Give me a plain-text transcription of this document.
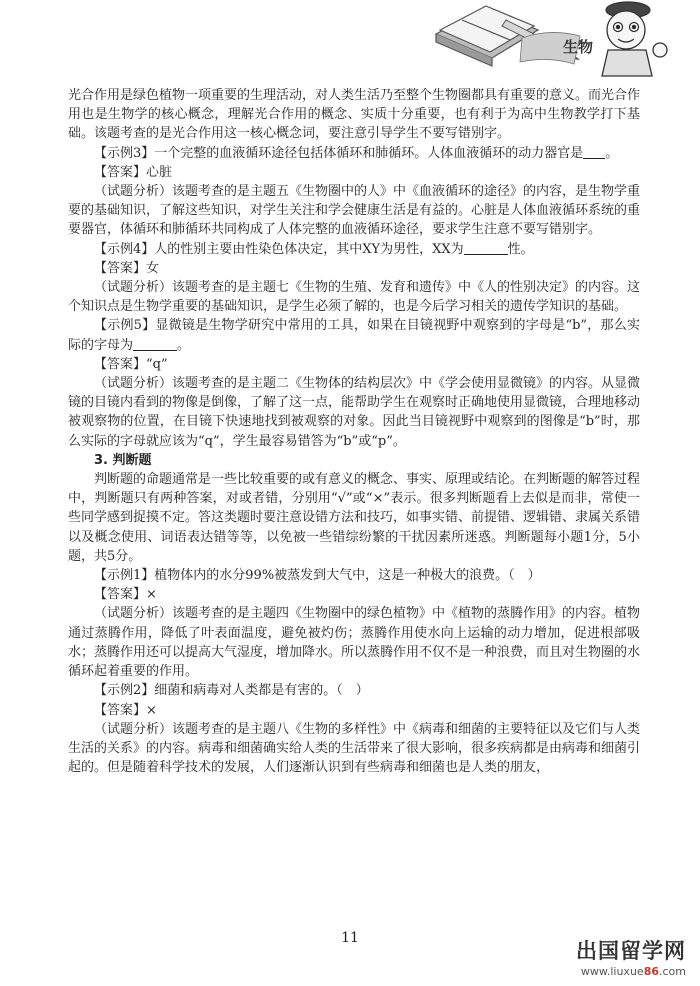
生物

光合作用是绿色植物一项重要的生理活动，对人类生活乃至整个生物圈都具有重要的意义。而光合作用也是生物学的核心概念，理解光合作用的概念、实质十分重要，也有利于为高中生物教学打下基础。该题考查的是光合作用这一核心概念词，要注意引导学生不要写错别字。

【示例3】一个完整的血液循环途径包括体循环和肺循环。人体血液循环的动力器官是 。

【答案】心脏

（试题分析）该题考查的是主题五《生物圈中的人》中《血液循环的途径》的内容，是生物学重要的基础知识，了解这些知识，对学生关注和学会健康生活是有益的。心脏是人体血液循环系统的重要器官，体循环和肺循环共同构成了人体完整的血液循环途径，要求学生注意不要写错别字。

【示例4】人的性别主要由性染色体决定，其中XY为男性，XX为	性。

【答案】女

（试题分析）该题考查的是主题七《生物的生殖、发育和遗传》中《人的性别决定》的内容。这个知识点是生物学重要的基础知识，是学生必须了解的，也是今后学习相关的遗传学知识的基础。

【示例5】显微镜是生物学研究中常用的工具，如果在目镜视野中观察到的字母是“b”，那么实际的字母为	。

【答案】“q”

（试题分析）该题考查的是主题二《生物体的结构层次》中《学会使用显微镜》的内容。从显微镜的目镜内看到的物像是倒像，了解了这一点，能帮助学生在观察时正确地使用显微镜，合理地移动被观察物的位置，在目镜下快速地找到被观察的对象。因此当目镜视野中观察到的图像是“b”时，那么实际的字母就应该为“q”，学生最容易错答为“b”或“p”。

3. 判断题

判断题的命题通常是一些比较重要的或有意义的概念、事实、原理或结论。在判断题的解答过程中，判断题只有两种答案，对或者错，分别用“√”或“×”表示。很多判断题看上去似是而非，常使一些同学感到捉摸不定。答这类题时要注意设错方法和技巧，如事实错、前提错、逻辑错、隶属关系错以及概念使用、词语表达错等等，以免被一些错综纷繁的干扰因素所迷惑。判断题每小题1分，5小题，共5分。

【示例1】植物体内的水分99%被蒸发到大气中，这是一种极大的浪费。（　）

【答案】×

（试题分析）该题考查的是主题四《生物圈中的绿色植物》中《植物的蒸腾作用》的内容。植物通过蒸腾作用，降低了叶表面温度，避免被灼伤；蒸腾作用使水向上运输的动力增加，促进根部吸水；蒸腾作用还可以提高大气湿度，增加降水。所以蒸腾作用不仅不是一种浪费，而且对生物圈的水循环起着重要的作用。

【示例2】细菌和病毒对人类都是有害的。（　）

【答案】×

（试题分析）该题考查的是主题八《生物的多样性》中《病毒和细菌的主要特征以及它们与人类生活的关系》的内容。病毒和细菌确实给人类的生活带来了很大影响，很多疾病都是由病毒和细菌引起的。但是随着科学技术的发展，人们逐渐认识到有些病毒和细菌也是人类的朋友，

11
出国留学网
www.liuxue86.com
